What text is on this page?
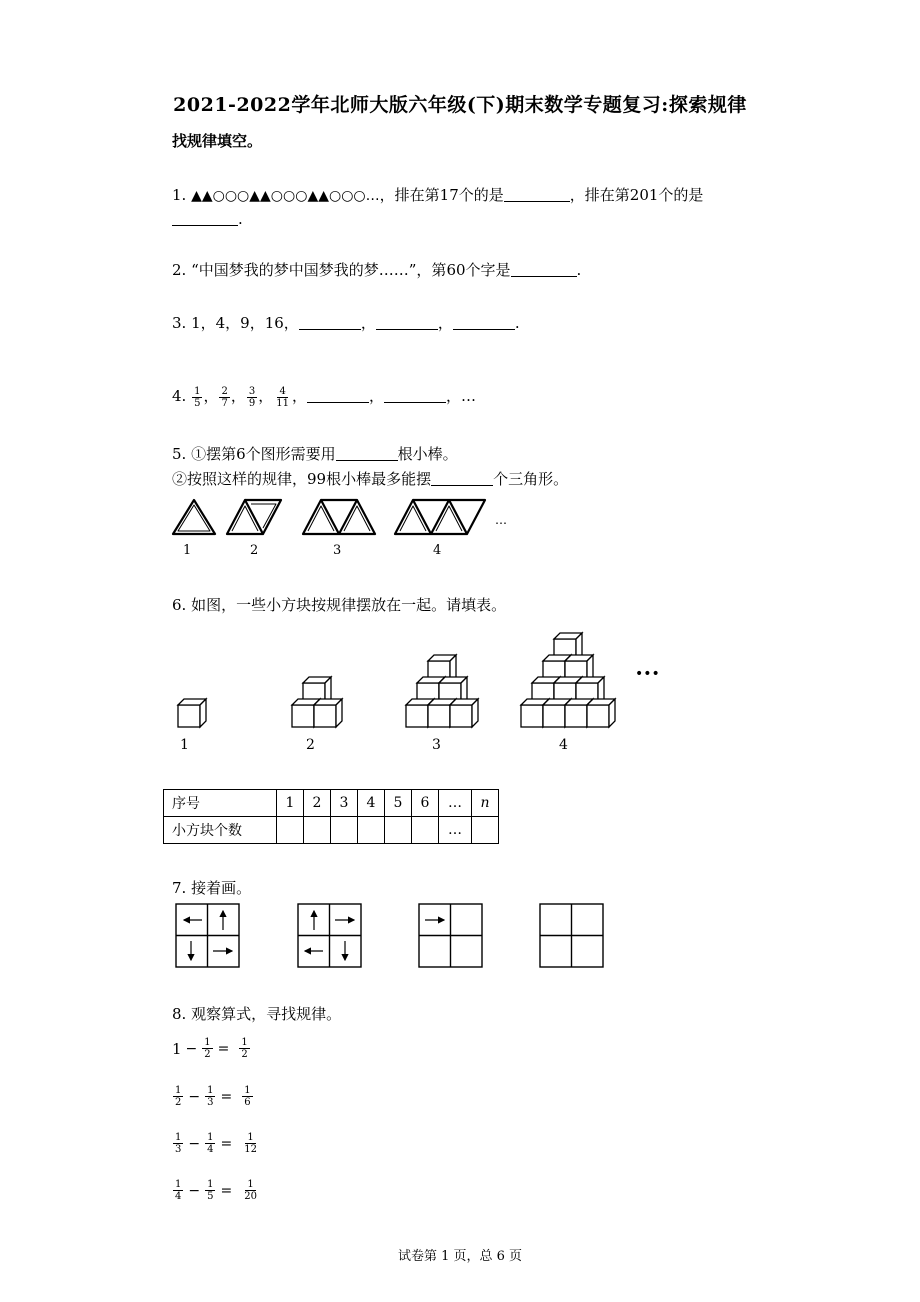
2021-2022学年北师大版六年级(下)期末数学专题复习:探索规律
找规律填空。
1. ▲▲○○○▲▲○○○▲▲○○○…，排在第17个的是	，排在第201个的是
.
2. “中国梦我的梦中国梦我的梦……”，第60个字是	.
3. 1，4，9，16，	，	，	.
4. $\frac{1}{5}$ ， $\frac{2}{7}$ ， $\frac{3}{9}$ ， $\frac{4}{11}$ ，	，	，…
5. ①摆第6个图形需要用	根小棒。
②按照这样的规律，99根小棒最多能摆	个三角形。
…
1	2	3	4
6. 如图，一些小方块按规律摆放在一起。请填表。
•••
1	2	3	4
序号	1	2	3	4	5	6	…	n
小方块个数							…	
7. 接着画。
8. 观察算式，寻找规律。
$1 - \frac{1}{2} = \frac{1}{2}$
1
$2 - \frac{1}{3} = \frac{1}{6}$
1
$3 - \frac{1}{4} = \frac{1}{12}$
1
$4 - \frac{1}{5} = \frac{1}{20}$
试卷第 1 页，总 6 页
